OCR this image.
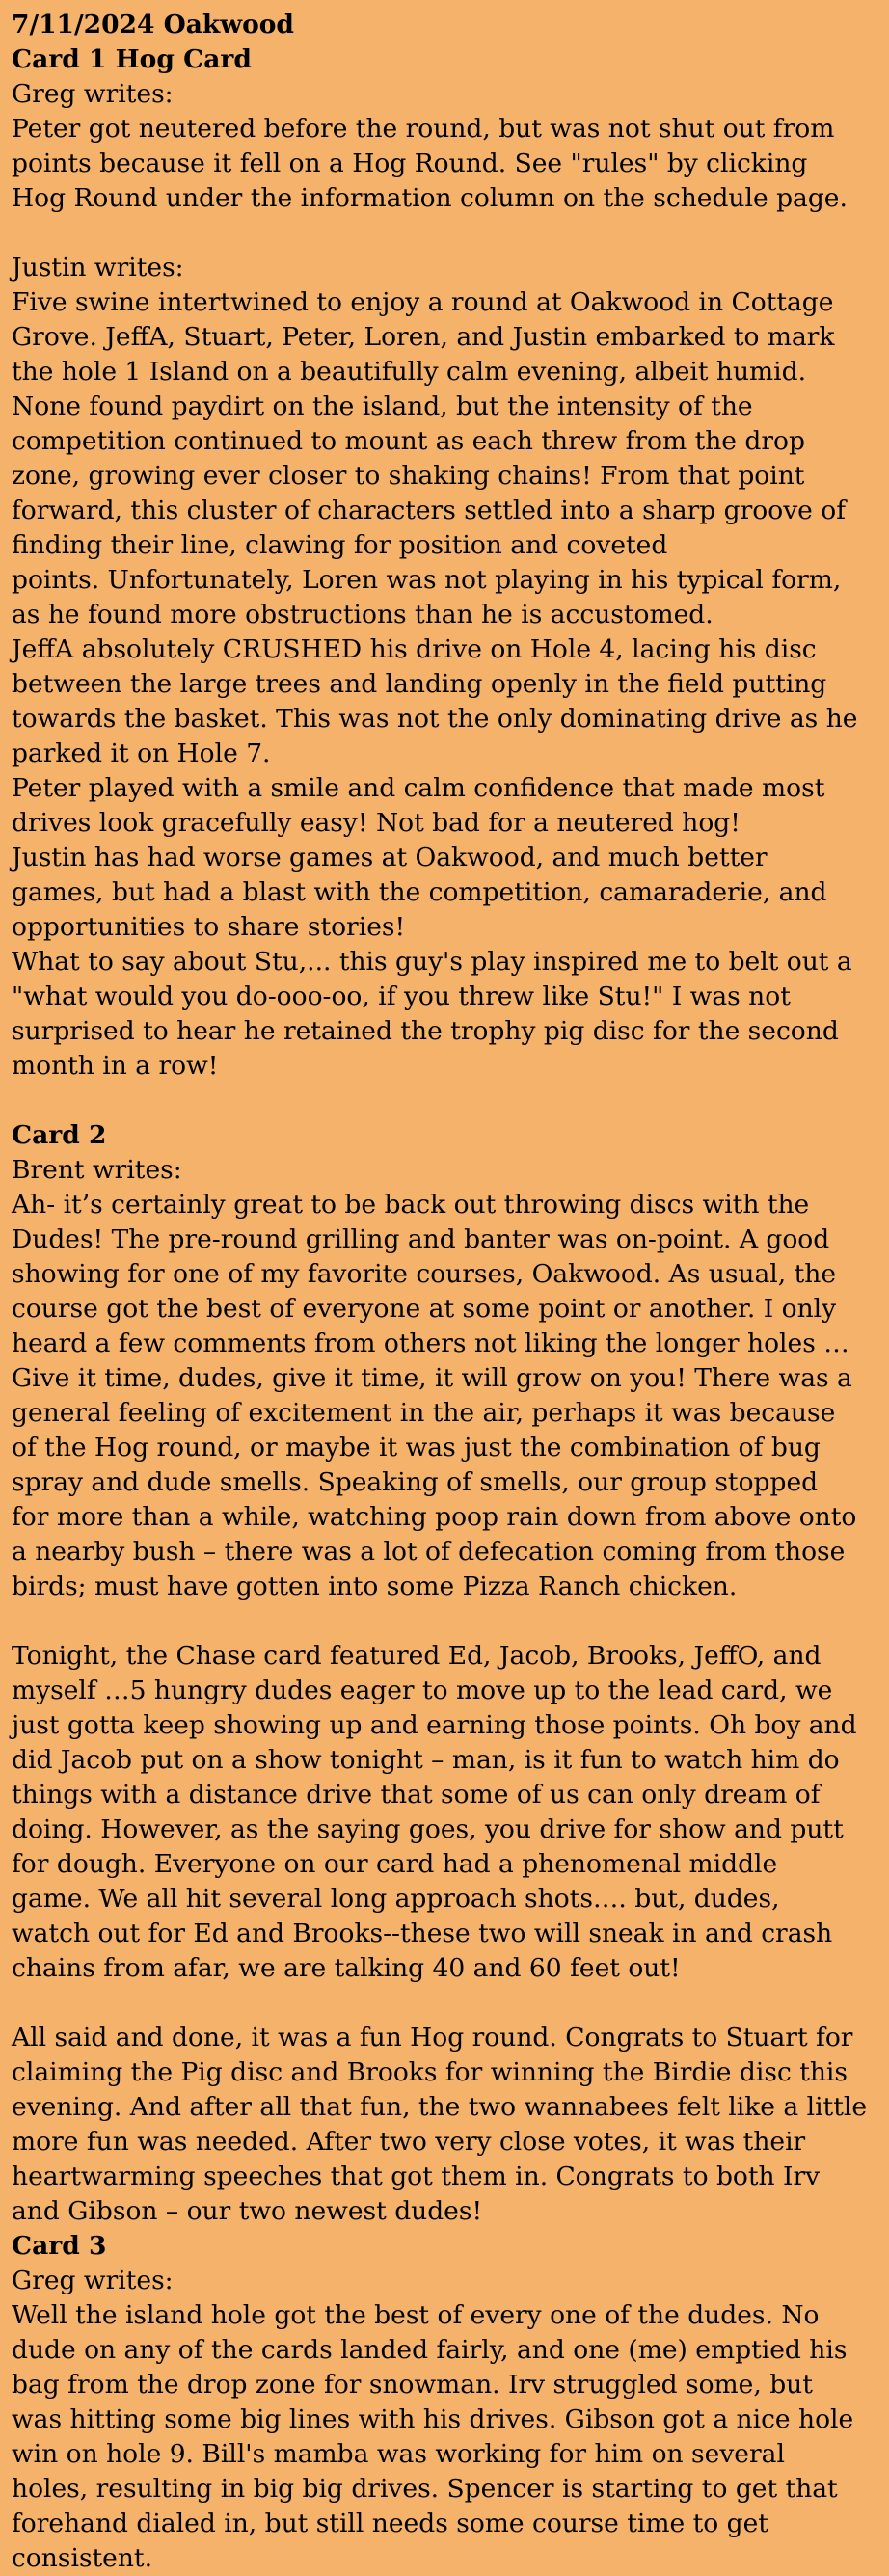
7/11/2024 Oakwood
Card 1 Hog Card
Greg writes:
Peter got neutered before the round, but was not shut out from
points because it fell on a Hog Round. See "rules" by clicking
Hog Round under the information column on the schedule page.
Justin writes:
Five swine intertwined to enjoy a round at Oakwood in Cottage
Grove. JeffA, Stuart, Peter, Loren, and Justin embarked to mark
the hole 1 Island on a beautifully calm evening, albeit humid.
None found paydirt on the island, but the intensity of the
competition continued to mount as each threw from the drop
zone, growing ever closer to shaking chains! From that point
forward, this cluster of characters settled into a sharp groove of
finding their line, clawing for position and coveted
points. Unfortunately, Loren was not playing in his typical form,
as he found more obstructions than he is accustomed.
JeffA absolutely CRUSHED his drive on Hole 4, lacing his disc
between the large trees and landing openly in the field putting
towards the basket. This was not the only dominating drive as he
parked it on Hole 7.
Peter played with a smile and calm confidence that made most
drives look gracefully easy! Not bad for a neutered hog!
Justin has had worse games at Oakwood, and much better
games, but had a blast with the competition, camaraderie, and
opportunities to share stories!
What to say about Stu,... this guy's play inspired me to belt out a
"what would you do-ooo-oo, if you threw like Stu!" I was not
surprised to hear he retained the trophy pig disc for the second
month in a row!
Card 2
Brent writes:
Ah- it’s certainly great to be back out throwing discs with the
Dudes! The pre-round grilling and banter was on-point. A good
showing for one of my favorite courses, Oakwood. As usual, the
course got the best of everyone at some point or another. I only
heard a few comments from others not liking the longer holes …
Give it time, dudes, give it time, it will grow on you! There was a
general feeling of excitement in the air, perhaps it was because
of the Hog round, or maybe it was just the combination of bug
spray and dude smells. Speaking of smells, our group stopped
for more than a while, watching poop rain down from above onto
a nearby bush – there was a lot of defecation coming from those
birds; must have gotten into some Pizza Ranch chicken.
Tonight, the Chase card featured Ed, Jacob, Brooks, JeffO, and
myself …5 hungry dudes eager to move up to the lead card, we
just gotta keep showing up and earning those points. Oh boy and
did Jacob put on a show tonight – man, is it fun to watch him do
things with a distance drive that some of us can only dream of
doing. However, as the saying goes, you drive for show and putt
for dough. Everyone on our card had a phenomenal middle
game. We all hit several long approach shots…. but, dudes,
watch out for Ed and Brooks--these two will sneak in and crash
chains from afar, we are talking 40 and 60 feet out!
All said and done, it was a fun Hog round. Congrats to Stuart for
claiming the Pig disc and Brooks for winning the Birdie disc this
evening. And after all that fun, the two wannabees felt like a little
more fun was needed. After two very close votes, it was their
heartwarming speeches that got them in. Congrats to both Irv
and Gibson – our two newest dudes!
Card 3
Greg writes:
Well the island hole got the best of every one of the dudes. No
dude on any of the cards landed fairly, and one (me) emptied his
bag from the drop zone for snowman. Irv struggled some, but
was hitting some big lines with his drives. Gibson got a nice hole
win on hole 9. Bill's mamba was working for him on several
holes, resulting in big big drives. Spencer is starting to get that
forehand dialed in, but still needs some course time to get
consistent.
